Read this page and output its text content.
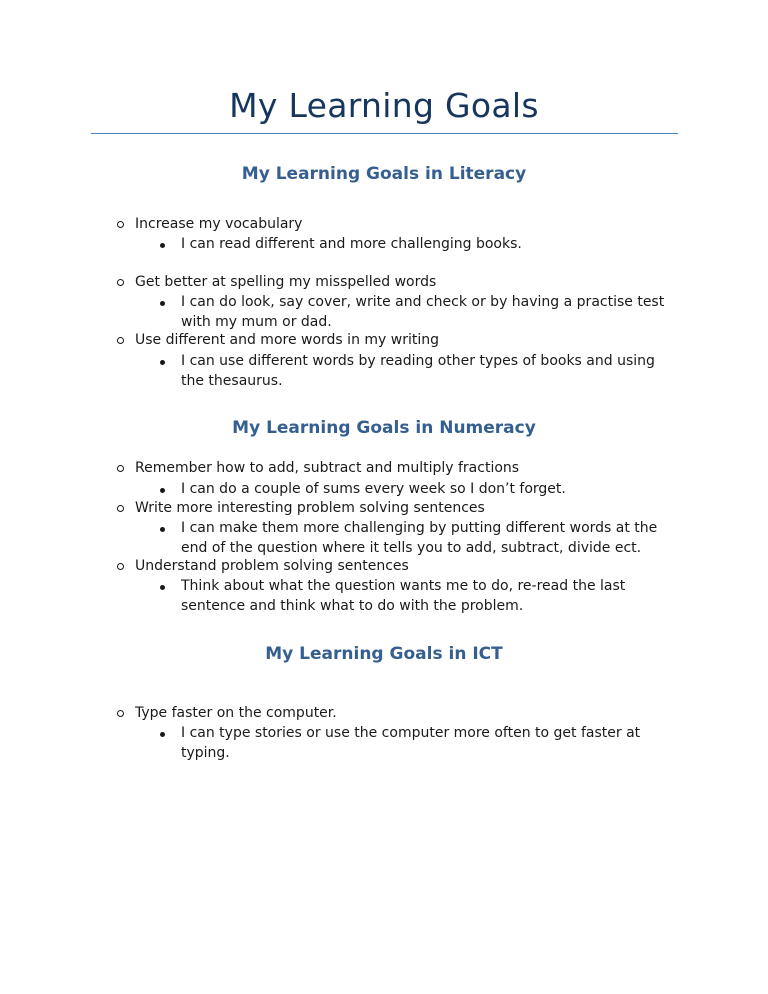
My Learning Goals
My Learning Goals in Literacy
Increase my vocabulary
I can read different and more challenging books.
Get better at spelling my misspelled words
I can do look, say cover, write and check or by having a practise test with my mum or dad.
Use different and more words in my writing
I can use different words by reading other types of books and using the thesaurus.
My Learning Goals in Numeracy
Remember how to add, subtract and multiply fractions
I can do a couple of sums every week so I don’t forget.
Write more interesting problem solving sentences
I can make them more challenging by putting different words at the end of the question where it tells you to add, subtract, divide ect.
Understand problem solving sentences
Think about what the question wants me to do, re-read the last sentence and think what to do with the problem.
My Learning Goals in ICT
Type faster on the computer.
I can type stories or use the computer more often to get faster at typing.
